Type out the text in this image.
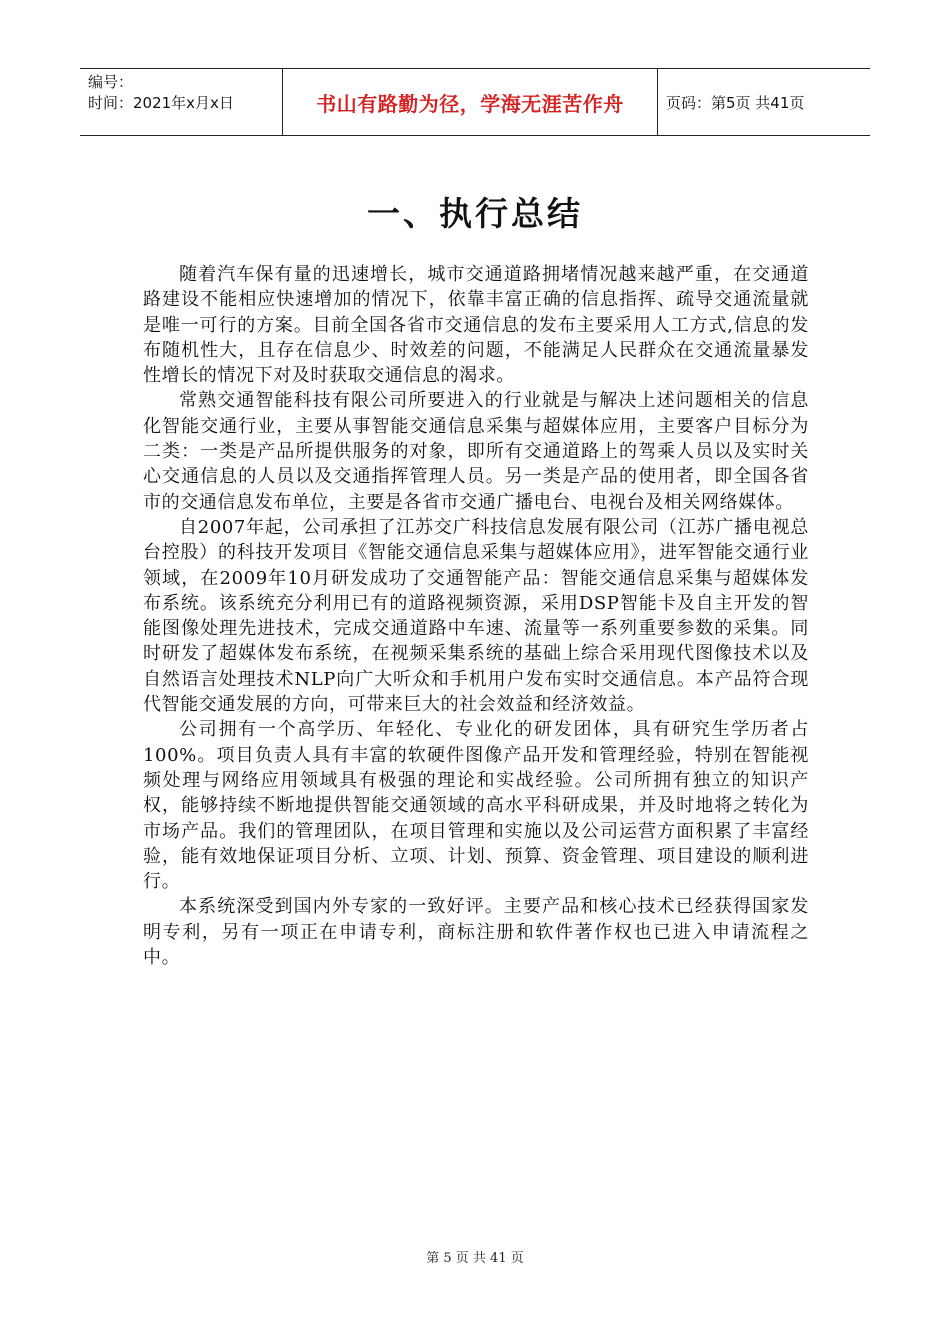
编号：
时间：2021年x月x日	书山有路勤为径，学海无涯苦作舟	页码：第5页 共41页
一、执行总结

随着汽车保有量的迅速增长，城市交通道路拥堵情况越来越严重，在交通道路建设不能相应快速增加的情况下，依靠丰富正确的信息指挥、疏导交通流量就是唯一可行的方案。目前全国各省市交通信息的发布主要采用人工方式,信息的发布随机性大，且存在信息少、时效差的问题，不能满足人民群众在交通流量暴发性增长的情况下对及时获取交通信息的渴求。

常熟交通智能科技有限公司所要进入的行业就是与解决上述问题相关的信息化智能交通行业，主要从事智能交通信息采集与超媒体应用，主要客户目标分为二类：一类是产品所提供服务的对象，即所有交通道路上的驾乘人员以及实时关心交通信息的人员以及交通指挥管理人员。另一类是产品的使用者，即全国各省市的交通信息发布单位，主要是各省市交通广播电台、电视台及相关网络媒体。

自2007年起，公司承担了江苏交广科技信息发展有限公司（江苏广播电视总台控股）的科技开发项目《智能交通信息采集与超媒体应用》，进军智能交通行业领域，在2009年10月研发成功了交通智能产品：智能交通信息采集与超媒体发布系统。该系统充分利用已有的道路视频资源，采用DSP智能卡及自主开发的智能图像处理先进技术，完成交通道路中车速、流量等一系列重要参数的采集。同时研发了超媒体发布系统，在视频采集系统的基础上综合采用现代图像技术以及自然语言处理技术NLP向广大听众和手机用户发布实时交通信息。本产品符合现代智能交通发展的方向，可带来巨大的社会效益和经济效益。

公司拥有一个高学历、年轻化、专业化的研发团体，具有研究生学历者占100%。项目负责人具有丰富的软硬件图像产品开发和管理经验，特别在智能视频处理与网络应用领域具有极强的理论和实战经验。公司所拥有独立的知识产权，能够持续不断地提供智能交通领域的高水平科研成果，并及时地将之转化为市场产品。我们的管理团队，在项目管理和实施以及公司运营方面积累了丰富经验，能有效地保证项目分析、立项、计划、预算、资金管理、项目建设的顺利进行。

本系统深受到国内外专家的一致好评。主要产品和核心技术已经获得国家发明专利，另有一项正在申请专利，商标注册和软件著作权也已进入申请流程之中。

第 5 页 共 41 页
